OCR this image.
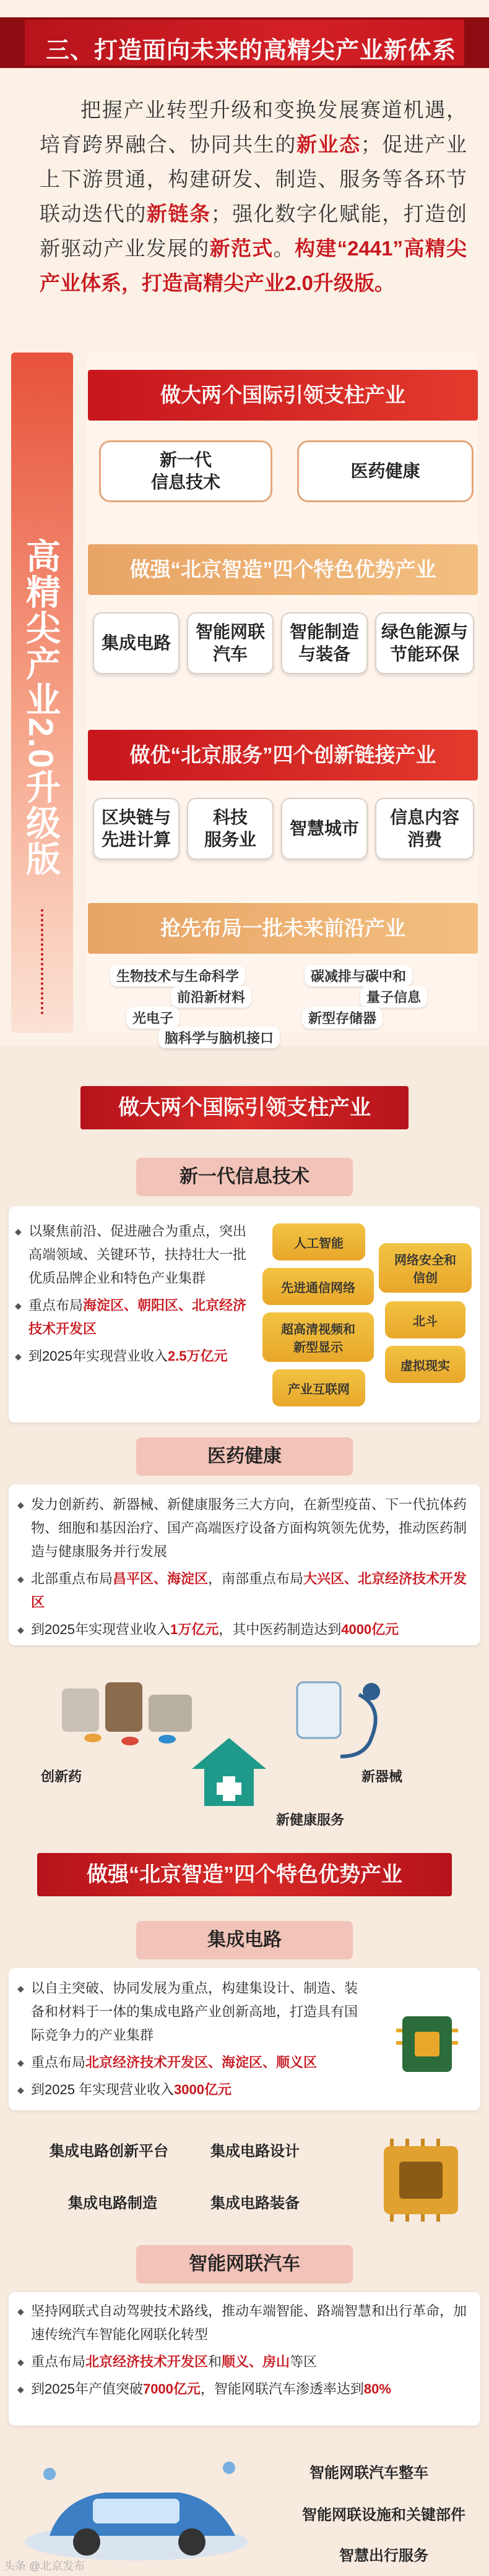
三、打造面向未来的高精尖产业新体系

把握产业转型升级和变换发展赛道机遇，培育跨界融合、协同共生的新业态；促进产业上下游贯通，构建研发、制造、服务等各环节联动迭代的新链条；强化数字化赋能，打造创新驱动产业发展的新范式。构建“2441”高精尖产业体系，打造高精尖产业2.0升级版。

高精尖产业2.0升级版
做大两个国际引领支柱产业
新一代
信息技术
医药健康
做强“北京智造”四个特色优势产业
集成电路
智能网联
汽车
智能制造
与装备
绿色能源与
节能环保
做优“北京服务”四个创新链接产业
区块链与
先进计算
科技
服务业
智慧城市
信息内容
消费
抢先布局一批未来前沿产业
生物技术与生命科学	碳减排与碳中和
前沿新材料	量子信息
光电子	新型存储器
脑科学与脑机接口
做大两个国际引领支柱产业
新一代信息技术
◆ 以聚焦前沿、促进融合为重点，突出高端领域、关键环节，扶持壮大一批优质品牌企业和特色产业集群
◆ 重点布局海淀区、朝阳区、北京经济技术开发区
◆ 到2025年实现营业收入2.5万亿元
人工智能
先进通信网络
超高清视频和
新型显示
产业互联网
网络安全和
信创
北斗
虚拟现实
医药健康
◆ 发力创新药、新器械、新健康服务三大方向，在新型疫苗、下一代抗体药物、细胞和基因治疗、国产高端医疗设备方面构筑领先优势，推动医药制造与健康服务并行发展
◆ 北部重点布局昌平区、海淀区，南部重点布局大兴区、北京经济技术开发区
◆ 到2025年实现营业收入1万亿元，其中医药制造达到4000亿元
创新药	新器械
新健康服务
做强“北京智造”四个特色优势产业
集成电路
◆ 以自主突破、协同发展为重点，构建集设计、制造、装备和材料于一体的集成电路产业创新高地，打造具有国际竞争力的产业集群
◆ 重点布局北京经济技术开发区、海淀区、顺义区
◆ 到2025 年实现营业收入3000亿元
集成电路创新平台	集成电路设计
集成电路制造	集成电路装备
智能网联汽车
◆ 坚持网联式自动驾驶技术路线，推动车端智能、路端智慧和出行革命，加速传统汽车智能化网联化转型
◆ 重点布局北京经济技术开发区和顺义、房山等区
◆ 到2025年产值突破7000亿元，智能网联汽车渗透率达到80%
智能网联汽车整车
智能网联设施和关键部件
智慧出行服务
头条 @北京发布
